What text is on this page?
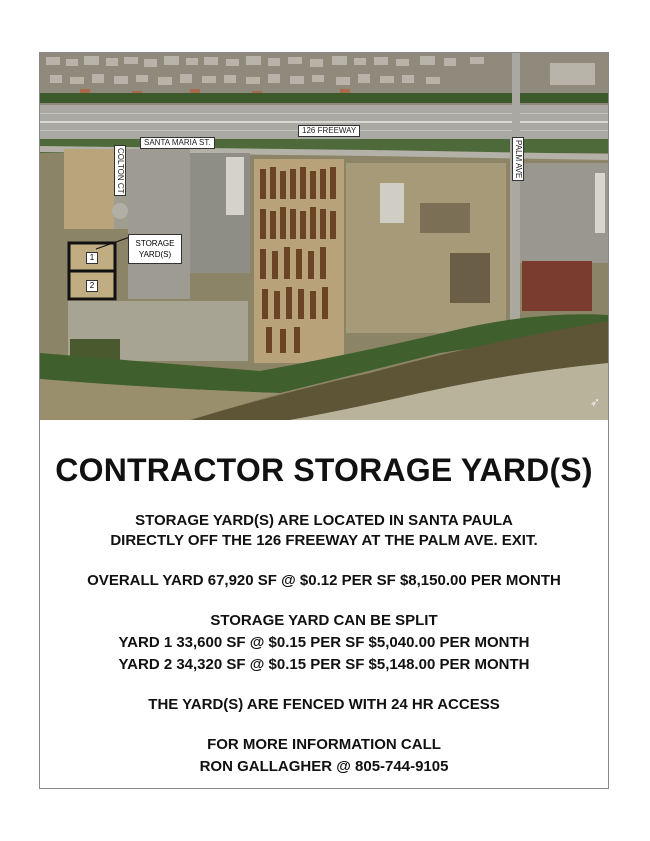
126 FREEWAY
SANTA MARIA ST.
COLTON CT	PALM AVE
STORAGE
YARD(S)
1
2
➶
CONTRACTOR STORAGE YARD(S)
STORAGE YARD(S) ARE LOCATED IN SANTA PAULA
DIRECTLY OFF THE 126 FREEWAY AT THE PALM AVE. EXIT.
OVERALL YARD 67,920 SF @ $0.12 PER SF $8,150.00 PER MONTH
STORAGE YARD CAN BE SPLIT
YARD 1 33,600 SF @ $0.15 PER SF $5,040.00 PER MONTH
YARD 2 34,320 SF @ $0.15 PER SF $5,148.00 PER MONTH
THE YARD(S) ARE FENCED WITH 24 HR ACCESS
FOR MORE INFORMATION CALL
RON GALLAGHER @ 805-744-9105
